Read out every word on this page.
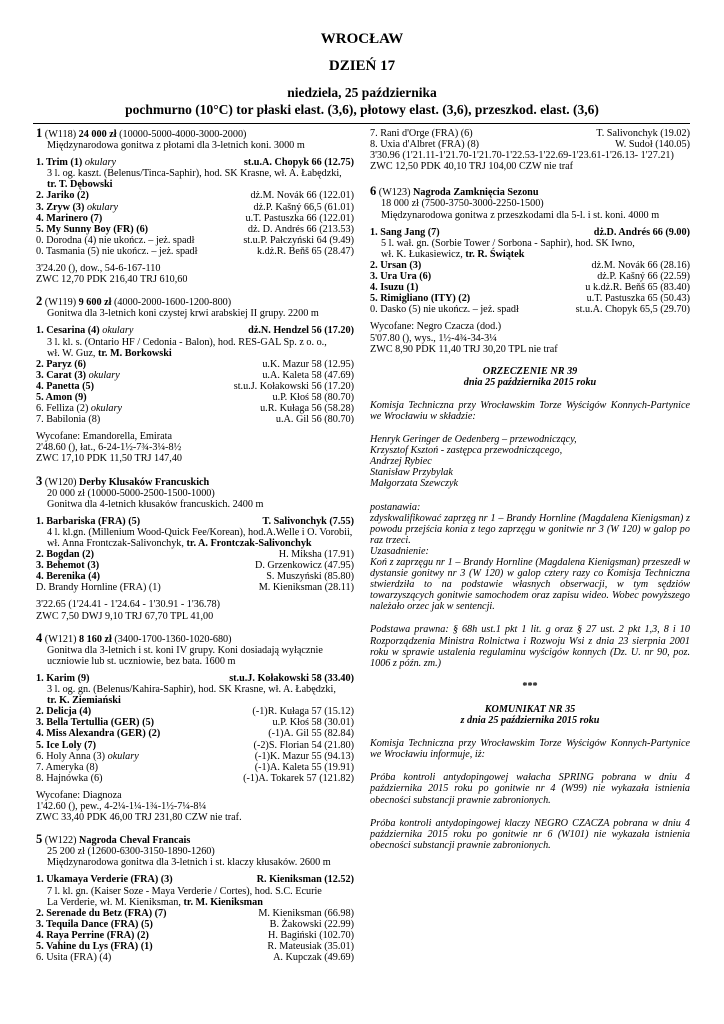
WROCŁAW
DZIEŃ 17
niedziela, 25 października
pochmurno (10°C) tor płaski elast. (3,6), płotowy elast. (3,6), przeszkod. elast. (3,6)
1 (W118) 24 000 zł (10000-5000-4000-3000-2000)
Międzynarodowa gonitwa z płotami dla 3-letnich koni. 3000 m
1. Trim (1) okulary	st.u.A. Chopyk 66 (12.75)
3 l. og. kaszt. (Belenus/Tinca-Saphir), hod. SK Krasne, wł. A. Łabędzki,
tr. T. Dębowski
2. Jariko (2)	dż.M. Novák 66 (122.01)
3. Zryw (3) okulary	dż.P. Kašný 66,5 (61.01)
4. Marinero (7)	u.T. Pastuszka 66 (122.01)
5. My Sunny Boy (FR) (6)	dż. D. Andrés 66 (213.53)
0. Dorodna (4) nie ukończ. – jeż. spadł	st.u.P. Pałczyński 64 (9.49)
0. Tasmania (5) nie ukończ. – jeż. spadł	k.dż.R. Beňš 65 (28.47)
3'24.20 (), dow., 54-6-167-110
ZWC 12,70 PDK 216,40 TRJ 610,60
2 (W119) 9 600 zł (4000-2000-1600-1200-800)
Gonitwa dla 3-letnich koni czystej krwi arabskiej II grupy. 2200 m
1. Cesarina (4) okulary	dż.N. Hendzel 56 (17.20)
3 l. kl. s. (Ontario HF / Cedonia - Balon), hod. RES-GAL Sp. z o. o.,
wł. W. Guz, tr. M. Borkowski
2. Paryz (6)	u.K. Mazur 58 (12.95)
3. Carat (3) okulary	u.A. Kaleta 58 (47.69)
4. Panetta (5)	st.u.J. Kołakowski 56 (17.20)
5. Amon (9)	u.P. Kłoś 58 (80.70)
6. Felliza (2) okulary	u.R. Kułaga 56 (58.28)
7. Babilonia (8)	u.A. Gil 56 (80.70)
Wycofane: Emandorella, Emirata
2'48.60 (), łat., 6-24-1½-7¾-3¼-8½
ZWC 17,10 PDK 11,50 TRJ 147,40
3 (W120) Derby Klusaków Francuskich
20 000 zł (10000-5000-2500-1500-1000)
Gonitwa dla 4-letnich kłusaków francuskich. 2400 m
1. Barbariska (FRA) (5)	T. Salivonchyk (7.55)
4 l. kl.gn. (Millenium Wood-Quick Fee/Korean), hod.A.Welle i O. Vorobii,
wł. Anna Frontczak-Salivonchyk, tr. A. Frontczak-Salivonchyk
2. Bogdan (2)	H. Miksha (17.91)
3. Behemot (3)	D. Grzenkowicz (47.95)
4. Berenika (4)	S. Muszyński (85.80)
D. Brandy Hornline (FRA) (1)	M. Kieniksman (28.11)
3'22.65 (1'24.41 - 1'24.64 - 1'30.91 - 1'36.78)
ZWC 7,50 DWJ 9,10 TRJ 67,70 TPL 41,00
4 (W121) 8 160 zł (3400-1700-1360-1020-680)
Gonitwa dla 3-letnich i st. koni IV grupy. Koni dosiadają wyłącznie uczniowie lub st. uczniowie, bez bata. 1600 m
1. Karim (9)	st.u.J. Kołakowski 58 (33.40)
3 l. og. gn. (Belenus/Kahira-Saphir), hod. SK Krasne, wł. A. Łabędzki,
tr. K. Ziemiański
2. Delicja (4)	(-1)R. Kułaga 57 (15.12)
3. Bella Tertullia (GER) (5)	u.P. Kłoś 58 (30.01)
4. Miss Alexandra (GER) (2)	(-1)A. Gil 55 (82.84)
5. Ice Loly (7)	(-2)S. Florian 54 (21.80)
6. Holy Anna (3) okulary	(-1)K. Mazur 55 (94.13)
7. Ameryka (8)	(-1)A. Kaleta 55 (19.91)
8. Hajnówka (6)	(-1)A. Tokarek 57 (121.82)
Wycofane: Diagnoza
1'42.60 (), pew., 4-2¼-1¼-1¾-1½-7¼-8¼
ZWC 33,40 PDK 46,00 TRJ 231,80 CZW nie traf.
5 (W122) Nagroda Cheval Francais
25 200 zł (12600-6300-3150-1890-1260)
Międzynarodowa gonitwa dla 3-letnich i st. klaczy kłusaków. 2600 m
1. Ukamaya Verderie (FRA) (3)	R. Kieniksman (12.52)
7 l. kl. gn. (Kaiser Soze - Maya Verderie / Cortes), hod. S.C. Ecurie
La Verderie, wł. M. Kieniksman, tr. M. Kieniksman
2. Serenade du Betz (FRA) (7)	M. Kieniksman (66.98)
3. Tequila Dance (FRA) (5)	B. Żakowski (22.99)
4. Raya Perrine (FRA) (2)	H. Bagiński (102.70)
5. Vahine du Lys (FRA) (1)	R. Mateusiak (35.01)
6. Usita (FRA) (4)	A. Kupczak (49.69)
7. Rani d'Orge (FRA) (6)	T. Salivonchyk (19.02)
8. Uxia d'Albret (FRA) (8)	W. Sudoł (140.05)
3'30.96 (1'21.11-1'21.70-1'21.70-1'22.53-1'22.69-1'23.61-1'26.13- 1'27.21)
ZWC 12,50 PDK 40,10 TRJ 104,00 CZW nie traf
6 (W123) Nagroda Zamknięcia Sezonu
18 000 zł (7500-3750-3000-2250-1500)
Międzynarodowa gonitwa z przeszkodami dla 5-l. i st. koni. 4000 m
1. Sang Jang (7)	dż.D. Andrés 66 (9.00)
5 l. wał. gn. (Sorbie Tower / Sorbona - Saphir), hod. SK Iwno,
wł. K. Łukasiewicz, tr. R. Świątek
2. Ursan (3)	dż.M. Novák 66 (28.16)
3. Ura Ura (6)	dż.P. Kašný 66 (22.59)
4. Isuzu (1)	u k.dż.R. Beňš 65 (83.40)
5. Rimigliano (ITY) (2)	u.T. Pastuszka 65 (50.43)
0. Dasko (5) nie ukończ. – jeż. spadł	st.u.A. Chopyk 65,5 (29.70)
Wycofane: Negro Czacza (dod.)
5'07.80 (), wys., 1½-4¾-34-3¼
ZWC 8,90 PDK 11,40 TRJ 30,20 TPL nie traf
ORZECZENIE NR 39
dnia 25 października 2015 roku

Komisja Techniczna przy Wrocławskim Torze Wyścigów Konnych-Partynice we Wrocławiu w składzie:

Henryk Geringer de Oedenberg – przewodniczący,
Krzysztof Ksztoń - zastępca przewodniczącego,
Andrzej Rybiec
Stanisław Przybylak
Małgorzata Szewczyk
postanawia:

zdyskwalifikować zaprzęg nr 1 – Brandy Hornline (Magdalena Kienigsman) z powodu przejścia konia z tego zaprzęgu w gonitwie nr 3 (W 120) w galop po raz trzeci.

Uzasadnienie:

Koń z zaprzęgu nr 1 – Brandy Hornline (Magdalena Kienigsman) przeszedł w dystansie gonitwy nr 3 (W 120) w galop cztery razy co Komisja Techniczna stwierdziła to na podstawie własnych obserwacji, w tym sędziów towarzyszących gonitwie samochodem oraz zapisu wideo. Wobec powyższego należało orzec jak w sentencji.

Podstawa prawna: § 68h ust.1 pkt 1 lit. g oraz § 27 ust. 2 pkt 1,3, 8 i 10 Rozporządzenia Ministra Rolnictwa i Rozwoju Wsi z dnia 23 sierpnia 2001 roku w sprawie ustalenia regulaminu wyścigów konnych (Dz. U. nr 90, poz. 1006 z późn. zm.)

***
KOMUNIKAT NR 35
z dnia 25 października 2015 roku

Komisja Techniczna przy Wrocławskim Torze Wyścigów Konnych-Partynice we Wrocławiu informuje, iż:

Próba kontroli antydopingowej wałacha SPRING pobrana w dniu 4 października 2015 roku po gonitwie nr 4 (W99) nie wykazała istnienia obecności substancji prawnie zabronionych.

Próba kontroli antydopingowej klaczy NEGRO CZACZA pobrana w dniu 4 października 2015 roku po gonitwie nr 6 (W101) nie wykazała istnienia obecności substancji prawnie zabronionych.
